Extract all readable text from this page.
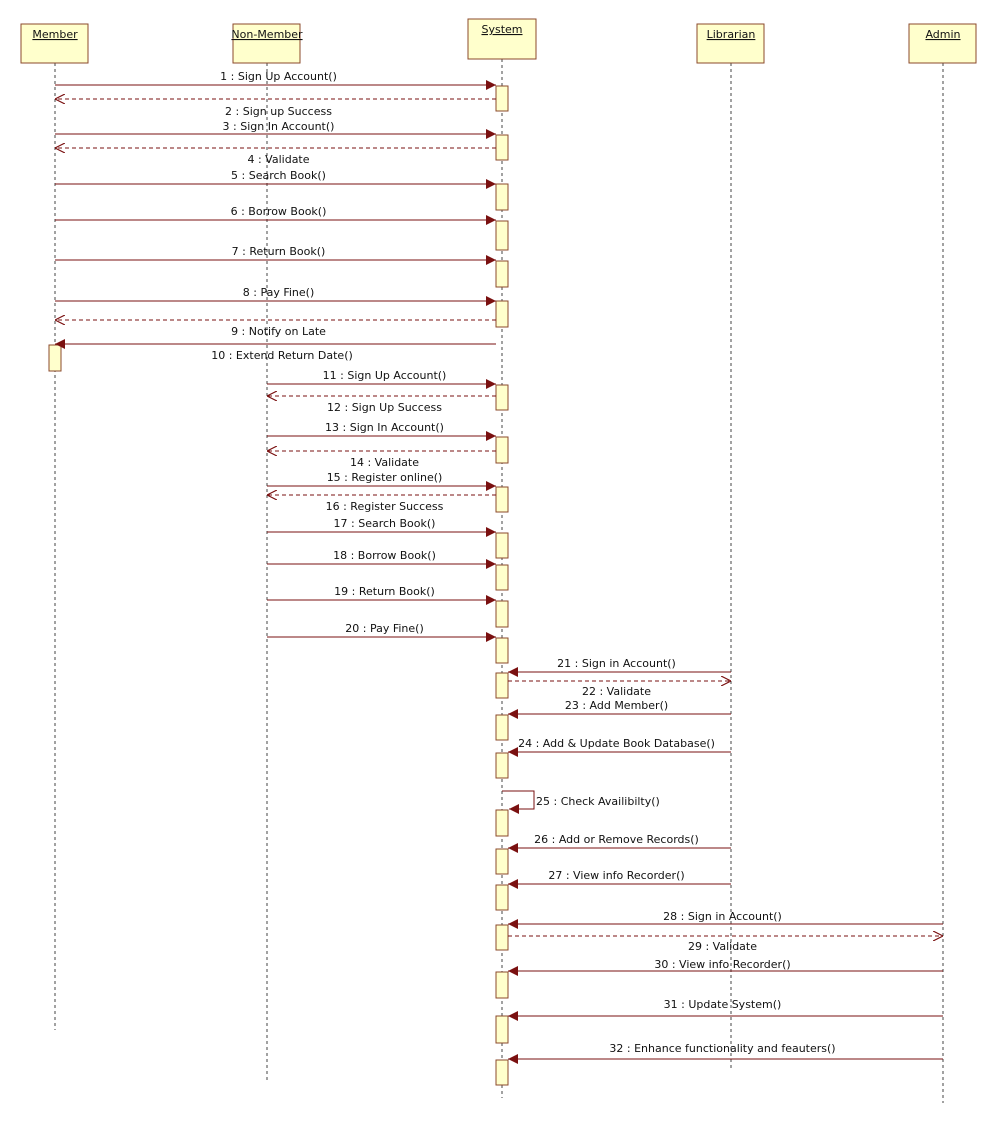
Member	Non-Member	System	Librarian	Admin
1 : Sign Up Account()
2 : Sign up Success
3 : Sign In Account()
4 : Validate
5 : Search Book()
6 : Borrow Book()
7 : Return Book()
8 : Pay Fine()
9 : Notify on Late
10 : Extend Return Date()
11 : Sign Up Account()
12 : Sign Up Success
13 : Sign In Account()
14 : Validate
15 : Register online()
16 : Register Success
17 : Search Book()
18 : Borrow Book()
19 : Return Book()
20 : Pay Fine()
21 : Sign in Account()
22 : Validate
23 : Add Member()
24 : Add & Update Book Database()
25 : Check Availibilty()
26 : Add or Remove Records()
27 : View info Recorder()
28 : Sign in Account()
29 : Validate
30 : View info Recorder()
31 : Update System()
32 : Enhance functionality and feauters()
